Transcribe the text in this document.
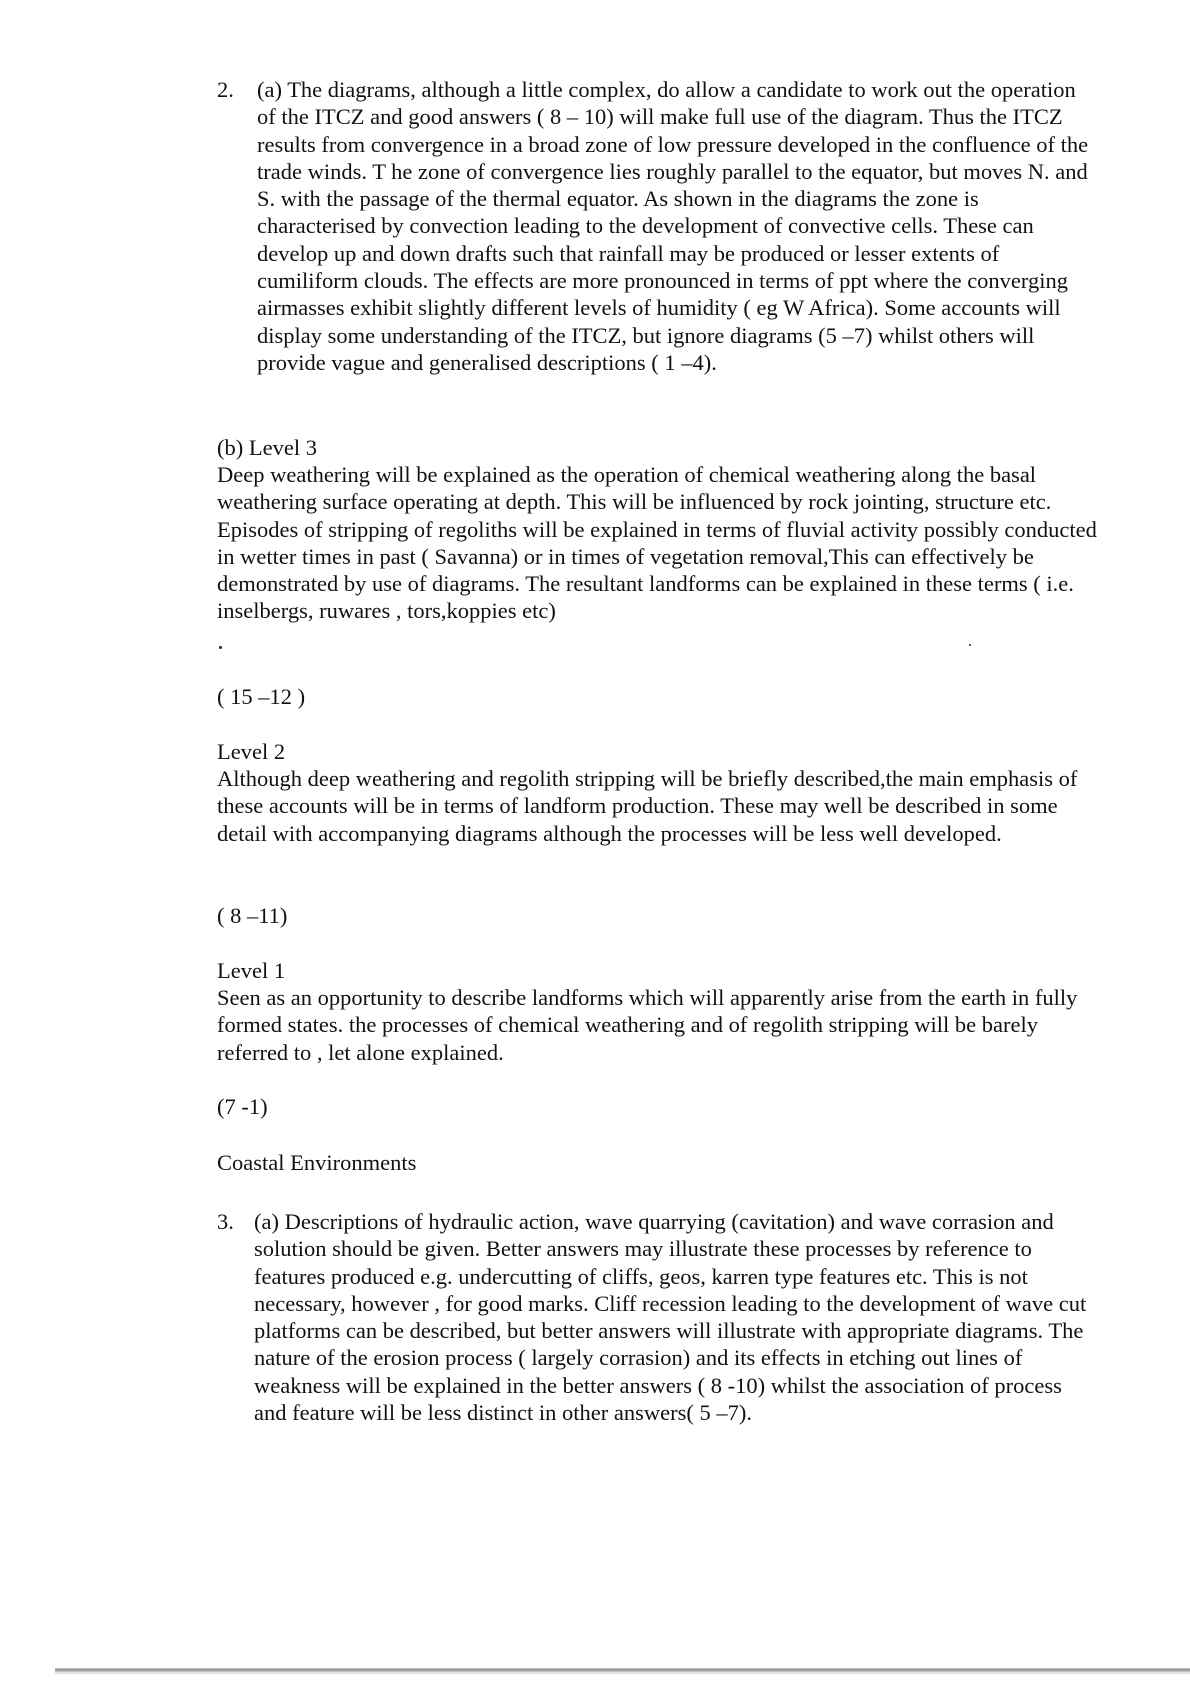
2. (a) The diagrams, although a little complex, do allow a candidate to work out the operation of the ITCZ and good answers ( 8 – 10) will make full use of the diagram. Thus the ITCZ results from convergence in a broad zone of low pressure developed in the confluence of the trade winds. T he zone of convergence lies roughly parallel to the equator, but moves N. and S. with the passage of the thermal equator. As shown in the diagrams the zone is characterised by convection leading to the development of convective cells. These can develop up and down drafts such that rainfall may be produced or lesser extents of cumiliform clouds. The effects are more pronounced in terms of ppt where the converging airmasses exhibit slightly different levels of humidity ( eg W Africa). Some accounts will display some understanding of the ITCZ, but ignore diagrams (5 –7) whilst others will provide vague and generalised descriptions ( 1 –4).

(b) Level 3

Deep weathering will be explained as the operation of chemical weathering along the basal weathering surface operating at depth. This will be influenced by rock jointing, structure etc. Episodes of stripping of regoliths will be explained in terms of fluvial activity possibly conducted in wetter times in past ( Savanna) or in times of vegetation removal,This can effectively be demonstrated by use of diagrams. The resultant landforms can be explained in these terms ( i.e. inselbergs, ruwares , tors,koppies etc)

( 15 –12 )

Level 2

Although deep weathering and regolith stripping will be briefly described,the main emphasis of these accounts will be in terms of landform production. These may well be described in some detail with accompanying diagrams although the processes will be less well developed.

( 8 –11)

Level 1

Seen as an opportunity to describe landforms which will apparently arise from the earth in fully formed states. the processes of chemical weathering and of regolith stripping will be barely referred to , let alone explained.

(7 -1)

Coastal Environments

3. (a) Descriptions of hydraulic action, wave quarrying (cavitation) and wave corrasion and solution should be given. Better answers may illustrate these processes by reference to features produced e.g. undercutting of cliffs, geos, karren type features etc. This is not necessary, however , for good marks. Cliff recession leading to the development of wave cut platforms can be described, but better answers will illustrate with appropriate diagrams. The nature of the erosion process ( largely corrasion) and its effects in etching out lines of weakness will be explained in the better answers ( 8 -10) whilst the association of process and feature will be less distinct in other answers( 5 –7).
